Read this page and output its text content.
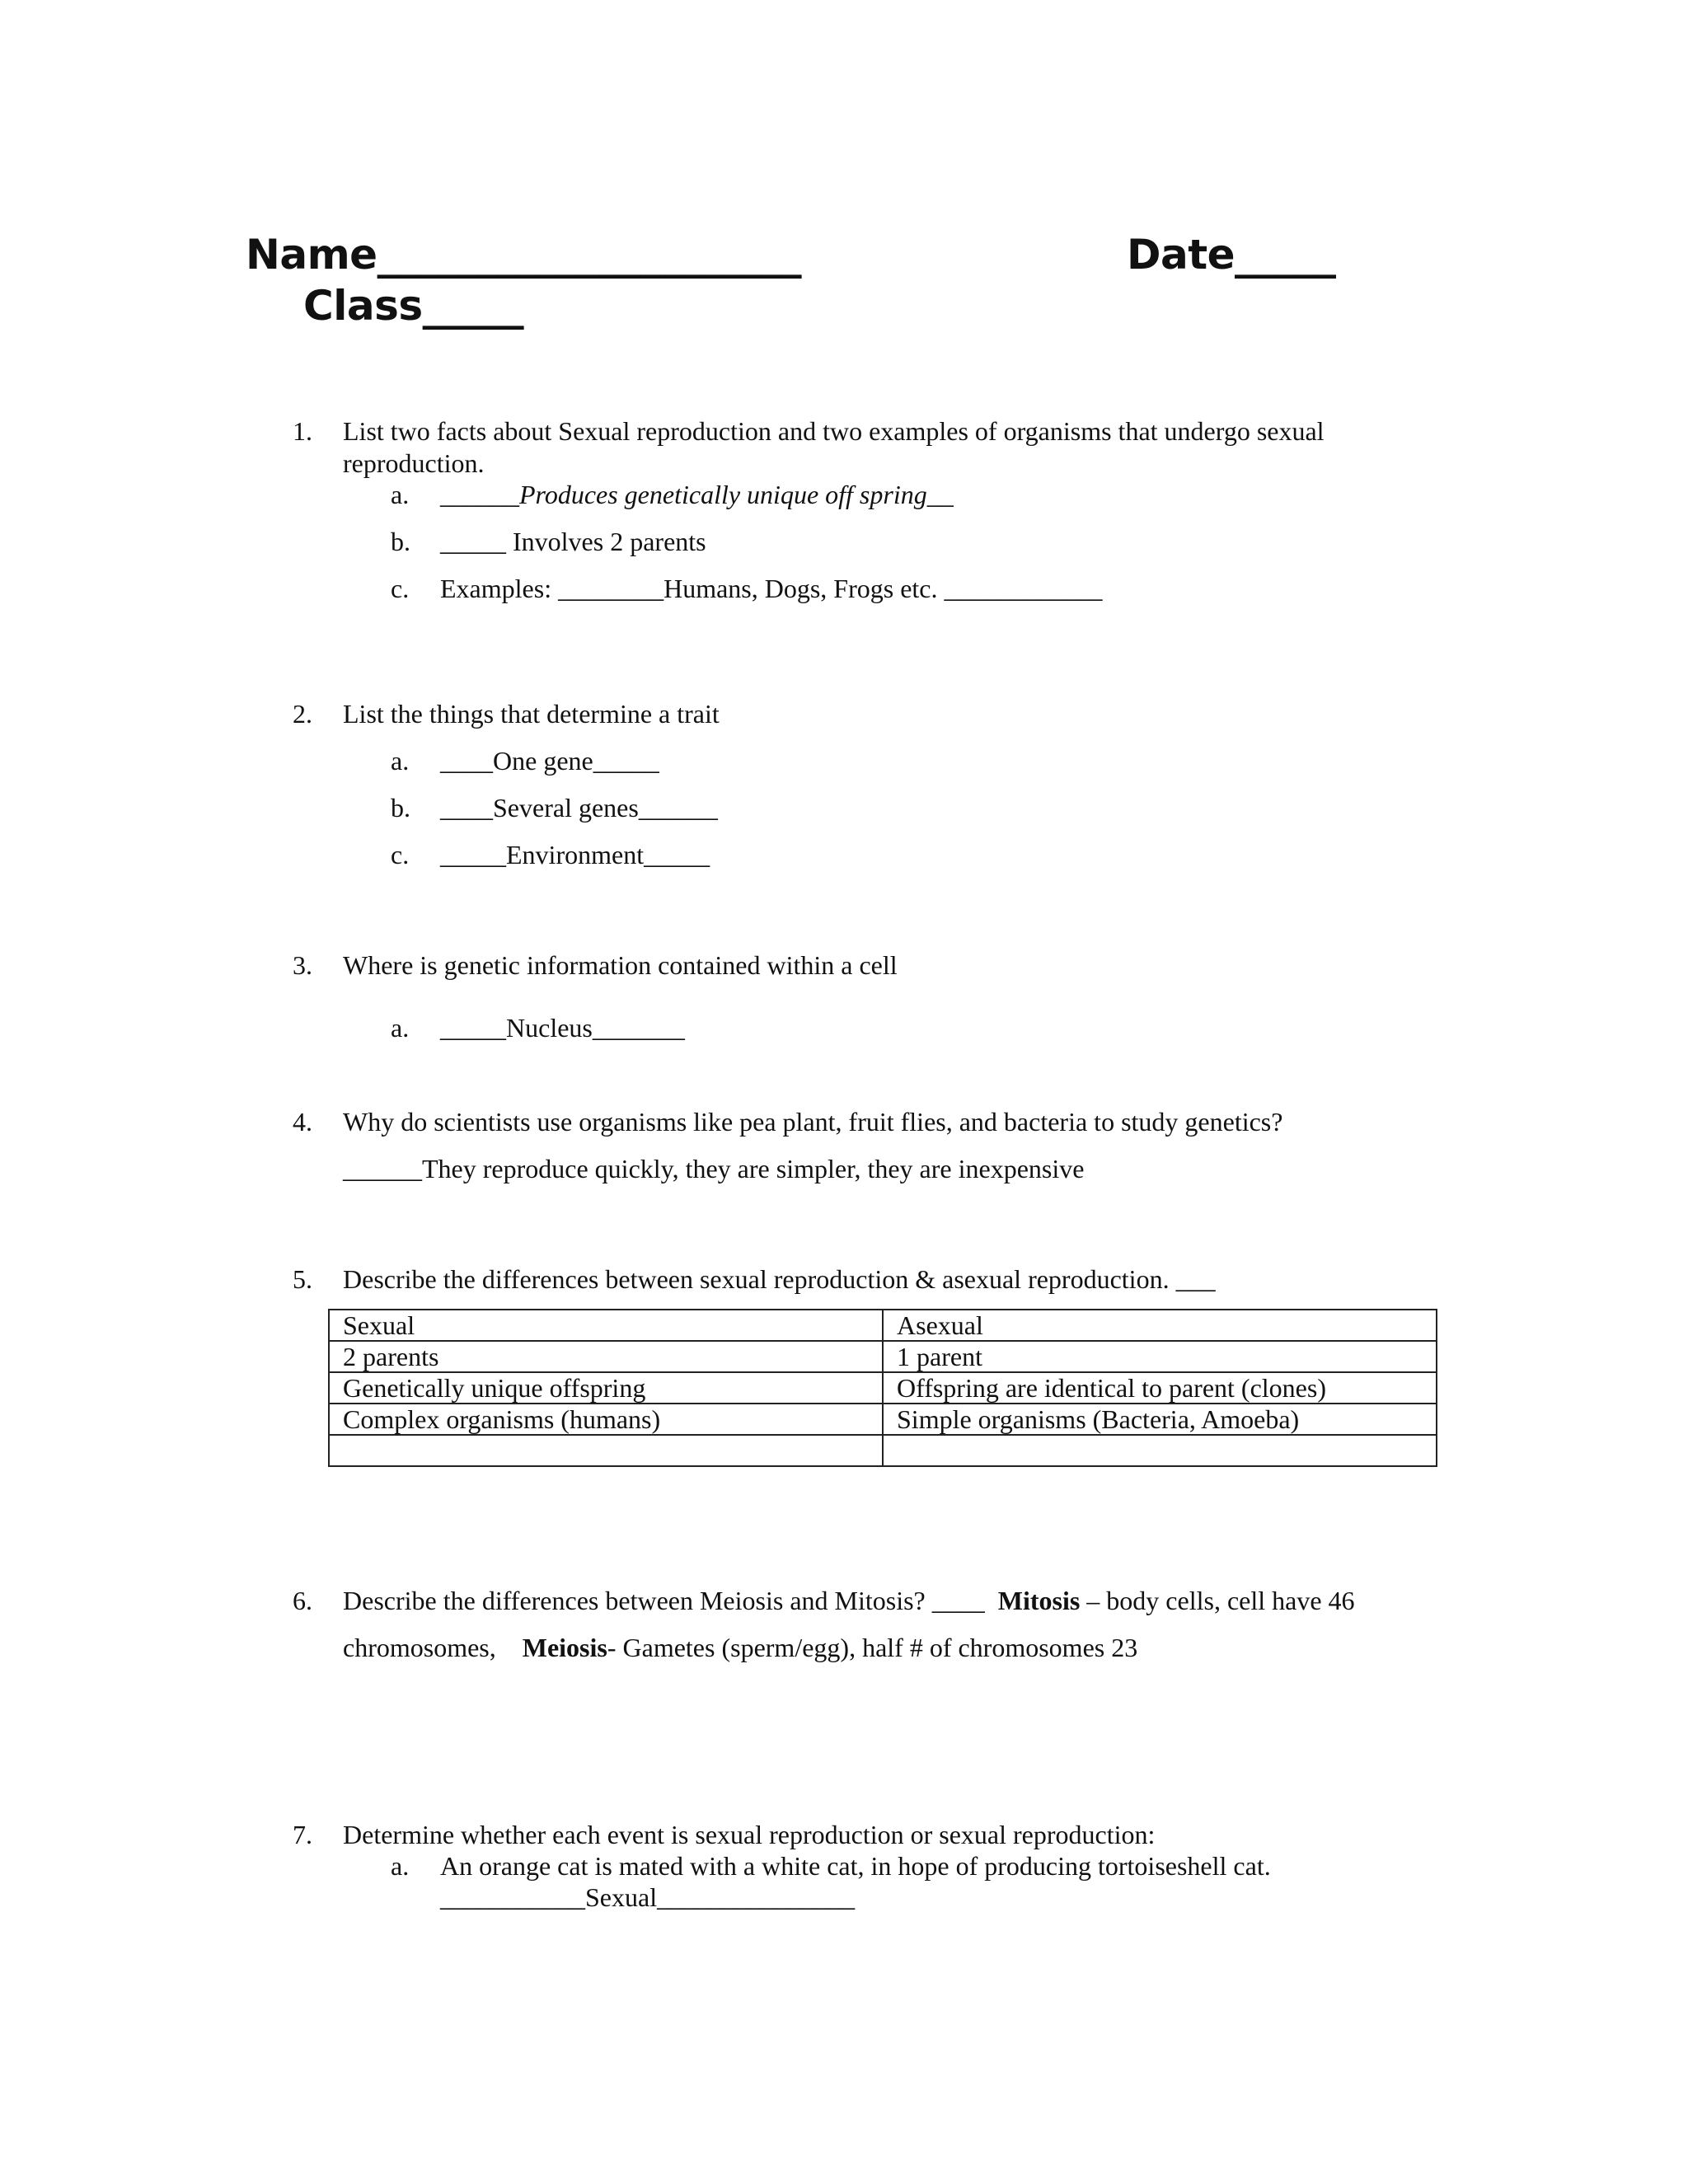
Name_____________________	Date_____
Class_____
1. List two facts about Sexual reproduction and two examples of organisms that undergo sexual
reproduction.
a. ______Produces genetically unique off spring__
b. _____ Involves 2 parents
c. Examples: ________Humans, Dogs, Frogs etc. ____________
2. List the things that determine a trait
a. ____One gene_____
b. ____Several genes______
c. _____Environment_____
3. Where is genetic information contained within a cell
a. _____Nucleus_______
4. Why do scientists use organisms like pea plant, fruit flies, and bacteria to study genetics?
______They reproduce quickly, they are simpler, they are inexpensive
5. Describe the differences between sexual reproduction & asexual reproduction. ___
Sexual	Asexual
2 parents	1 parent
Genetically unique offspring	Offspring are identical to parent (clones)
Complex organisms (humans)	Simple organisms (Bacteria, Amoeba)

6. Describe the differences between Meiosis and Mitosis? ____  Mitosis – body cells, cell have 46
chromosomes,    Meiosis- Gametes (sperm/egg), half # of chromosomes 23
7. Determine whether each event is sexual reproduction or sexual reproduction:
a. An orange cat is mated with a white cat, in hope of producing tortoiseshell cat.
___________Sexual_______________
